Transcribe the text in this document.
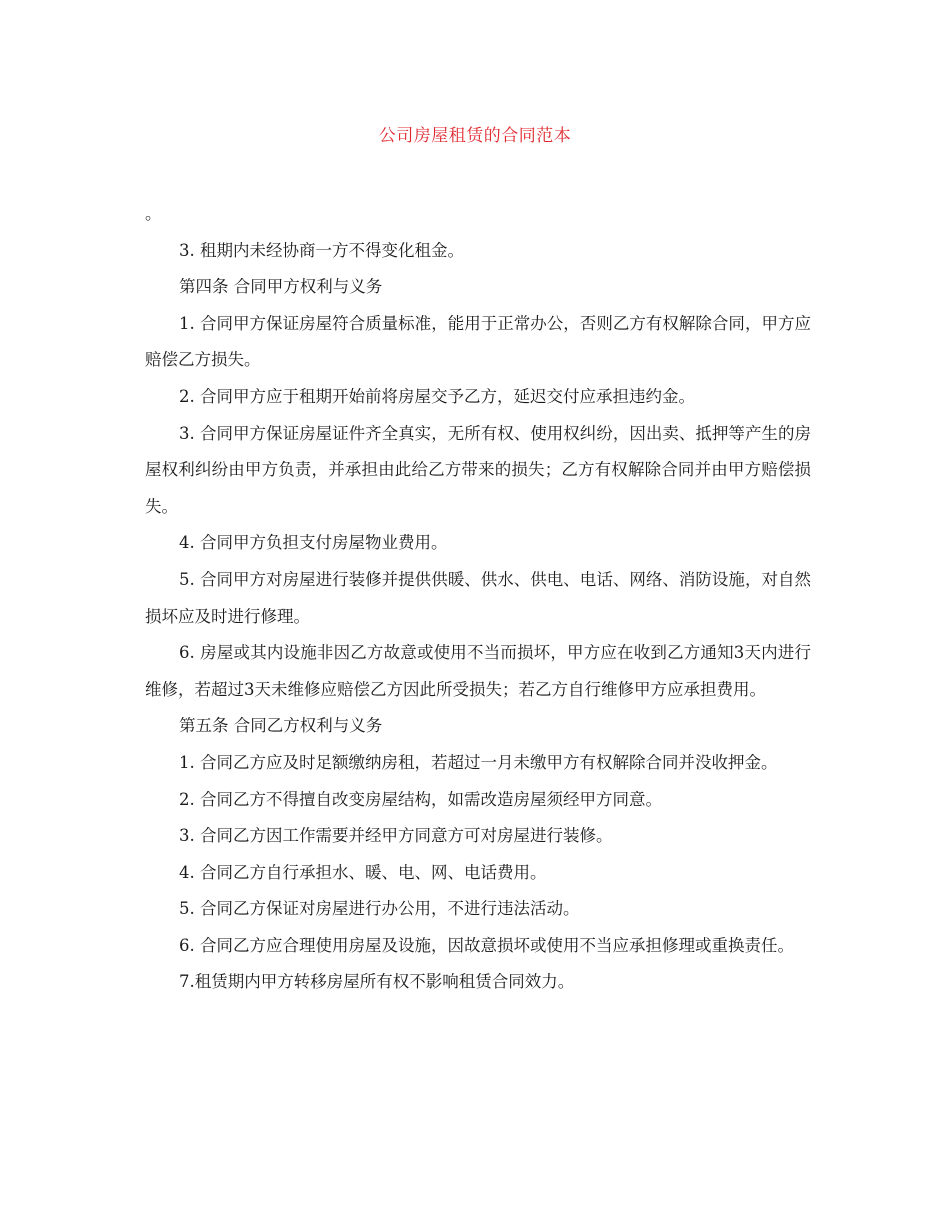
公司房屋租赁的合同范本

。

3. 租期内未经协商一方不得变化租金。

第四条 合同甲方权利与义务

1. 合同甲方保证房屋符合质量标准，能用于正常办公，否则乙方有权解除合同，甲方应赔偿乙方损失。

2. 合同甲方应于租期开始前将房屋交予乙方，延迟交付应承担违约金。

3. 合同甲方保证房屋证件齐全真实，无所有权、使用权纠纷，因出卖、抵押等产生的房屋权利纠纷由甲方负责，并承担由此给乙方带来的损失；乙方有权解除合同并由甲方赔偿损失。

4. 合同甲方负担支付房屋物业费用。

5. 合同甲方对房屋进行装修并提供供暖、供水、供电、电话、网络、消防设施，对自然损坏应及时进行修理。

6. 房屋或其内设施非因乙方故意或使用不当而损坏，甲方应在收到乙方通知3天内进行维修，若超过3天未维修应赔偿乙方因此所受损失；若乙方自行维修甲方应承担费用。

第五条 合同乙方权利与义务

1. 合同乙方应及时足额缴纳房租，若超过一月未缴甲方有权解除合同并没收押金。

2. 合同乙方不得擅自改变房屋结构，如需改造房屋须经甲方同意。

3. 合同乙方因工作需要并经甲方同意方可对房屋进行装修。

4. 合同乙方自行承担水、暖、电、网、电话费用。

5. 合同乙方保证对房屋进行办公用，不进行违法活动。

6. 合同乙方应合理使用房屋及设施，因故意损坏或使用不当应承担修理或重换责任。

7.租赁期内甲方转移房屋所有权不影响租赁合同效力。
